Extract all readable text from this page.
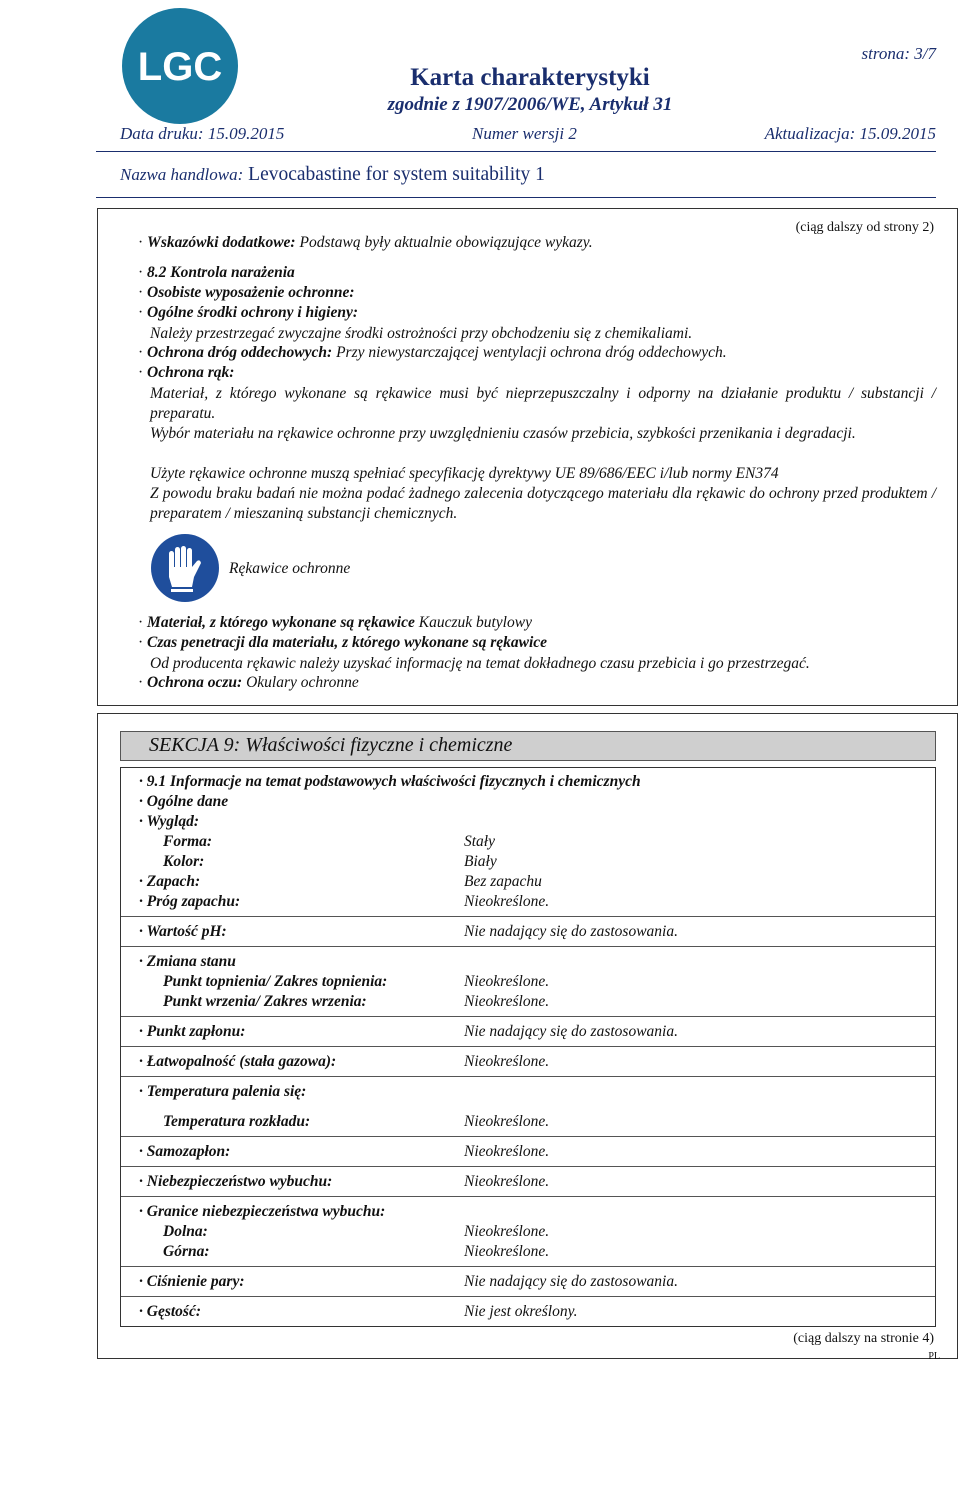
LGC	Karta charakterystyki
zgodnie z 1907/2006/WE, Artykuł 31
strona: 3/7
Data druku: 15.09.2015	Numer wersji 2	Aktualizacja: 15.09.2015
Nazwa handlowa: Levocabastine for system suitability 1
(ciąg dalszy od strony 2)
· Wskazówki dodatkowe: Podstawą były aktualnie obowiązujące wykazy.
· 8.2 Kontrola narażenia
· Osobiste wyposażenie ochronne:
· Ogólne środki ochrony i higieny:
Należy przestrzegać zwyczajne środki ostrożności przy obchodzeniu się z chemikaliami.
· Ochrona dróg oddechowych: Przy niewystarczającej wentylacji ochrona dróg oddechowych.
· Ochrona rąk:
Materiał, z którego wykonane są rękawice musi być nieprzepuszczalny i odporny na działanie produktu / substancji / preparatu.
Wybór materiału na rękawice ochronne przy uwzględnieniu czasów przebicia, szybkości przenikania i degradacji.
Użyte rękawice ochronne muszą spełniać specyfikację dyrektywy UE 89/686/EEC i/lub normy EN374
Z powodu braku badań nie można podać żadnego zalecenia dotyczącego materiału dla rękawic do ochrony przed produktem / preparatem / mieszaniną substancji chemicznych.
Rękawice ochronne
· Materiał, z którego wykonane są rękawice Kauczuk butylowy
· Czas penetracji dla materiału, z którego wykonane są rękawice
Od producenta rękawic należy uzyskać informację na temat dokładnego czasu przebicia i go przestrzegać.
· Ochrona oczu: Okulary ochronne
SEKCJA 9: Właściwości fizyczne i chemiczne
· 9.1 Informacje na temat podstawowych właściwości fizycznych i chemicznych
· Ogólne dane
· Wygląd:
Forma:	Stały
Kolor:	Biały
· Zapach:	Bez zapachu
· Próg zapachu:	Nieokreślone.
· Wartość pH:	Nie nadający się do zastosowania.
· Zmiana stanu
Punkt topnienia/ Zakres topnienia:	Nieokreślone.
Punkt wrzenia/ Zakres wrzenia:	Nieokreślone.
· Punkt zapłonu:	Nie nadający się do zastosowania.
· Łatwopalność (stała gazowa):	Nieokreślone.
· Temperatura palenia się:
Temperatura rozkładu:	Nieokreślone.
· Samozapłon:	Nieokreślone.
· Niebezpieczeństwo wybuchu:	Nieokreślone.
· Granice niebezpieczeństwa wybuchu:
Dolna:	Nieokreślone.
Górna:	Nieokreślone.
· Ciśnienie pary:	Nie nadający się do zastosowania.
· Gęstość:	Nie jest określony.
(ciąg dalszy na stronie 4)
PL
